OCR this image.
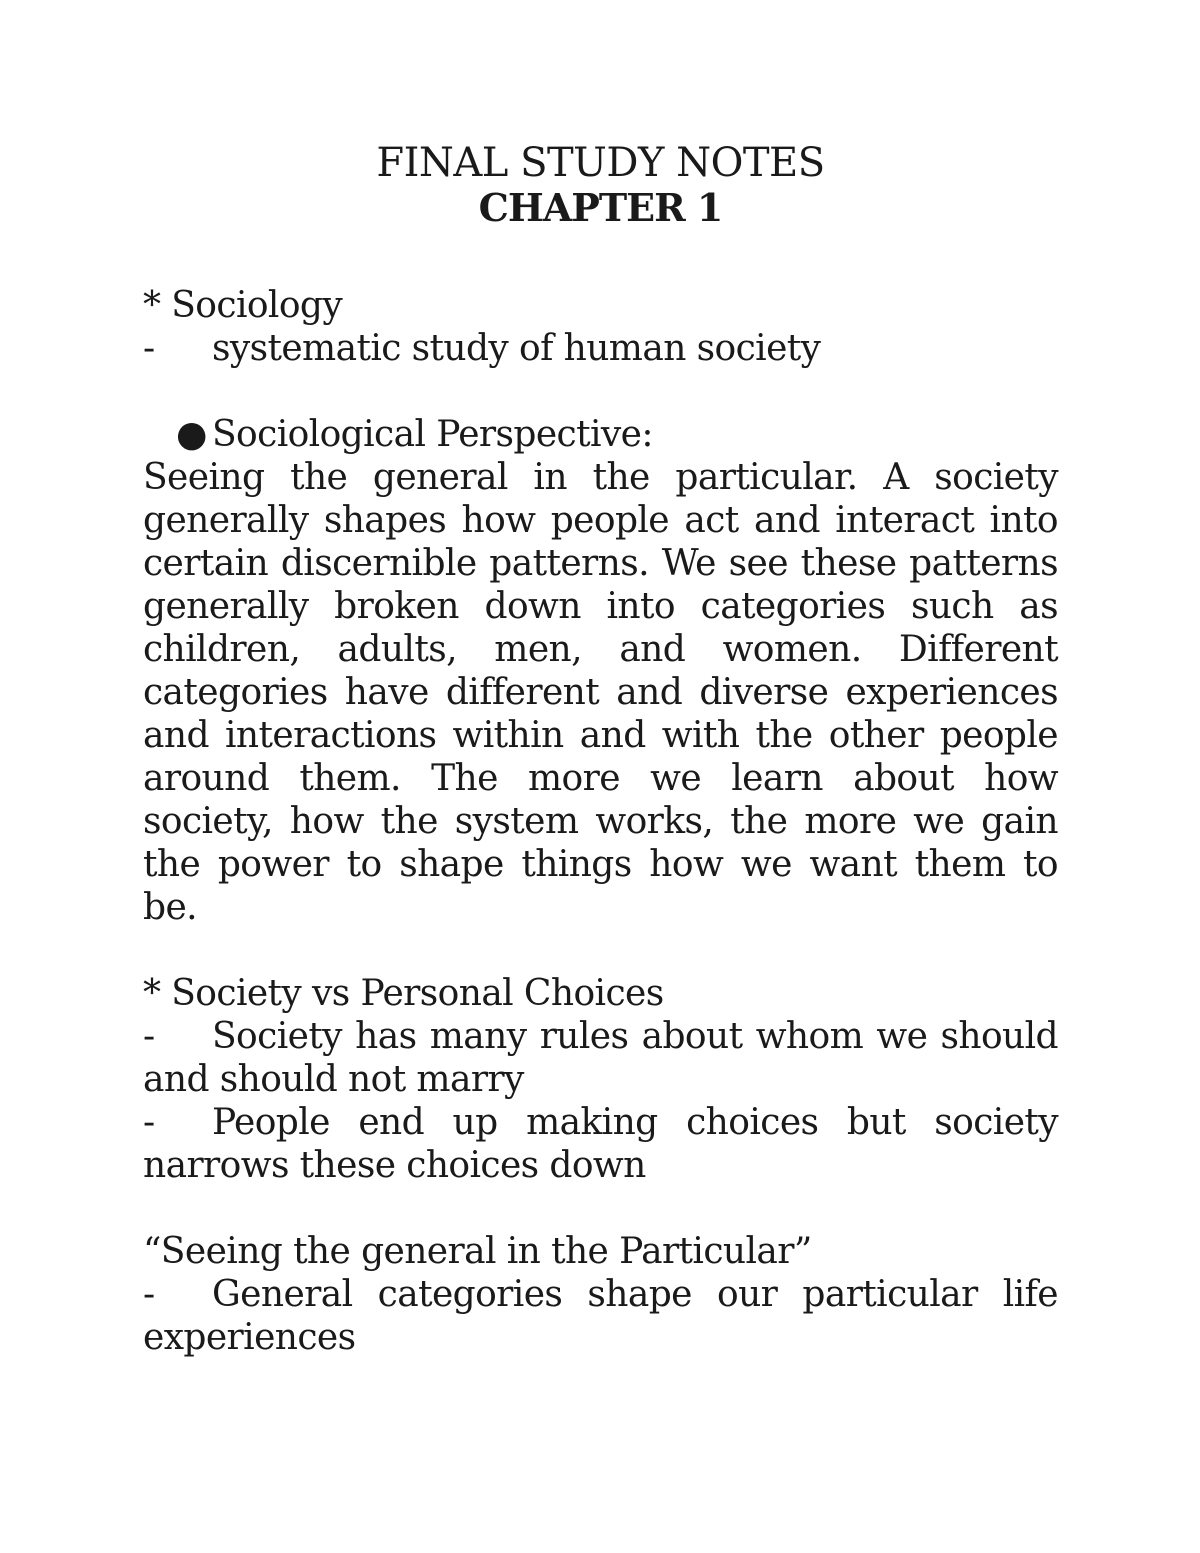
FINAL STUDY NOTES
CHAPTER 1

* Sociology

- systematic study of human society

● Sociological Perspective:

Seeing the general in the particular. A society generally shapes how people act and interact into certain discernible patterns. We see these patterns generally broken down into categories such as children, adults, men, and women. Different categories have different and diverse experiences and interactions within and with the other people around them. The more we learn about how society, how the system works, the more we gain the power to shape things how we want them to be.

* Society vs Personal Choices

- Society has many rules about whom we should and should not marry

- People end up making choices but society narrows these choices down

“Seeing the general in the Particular”

- General categories shape our particular life experiences
